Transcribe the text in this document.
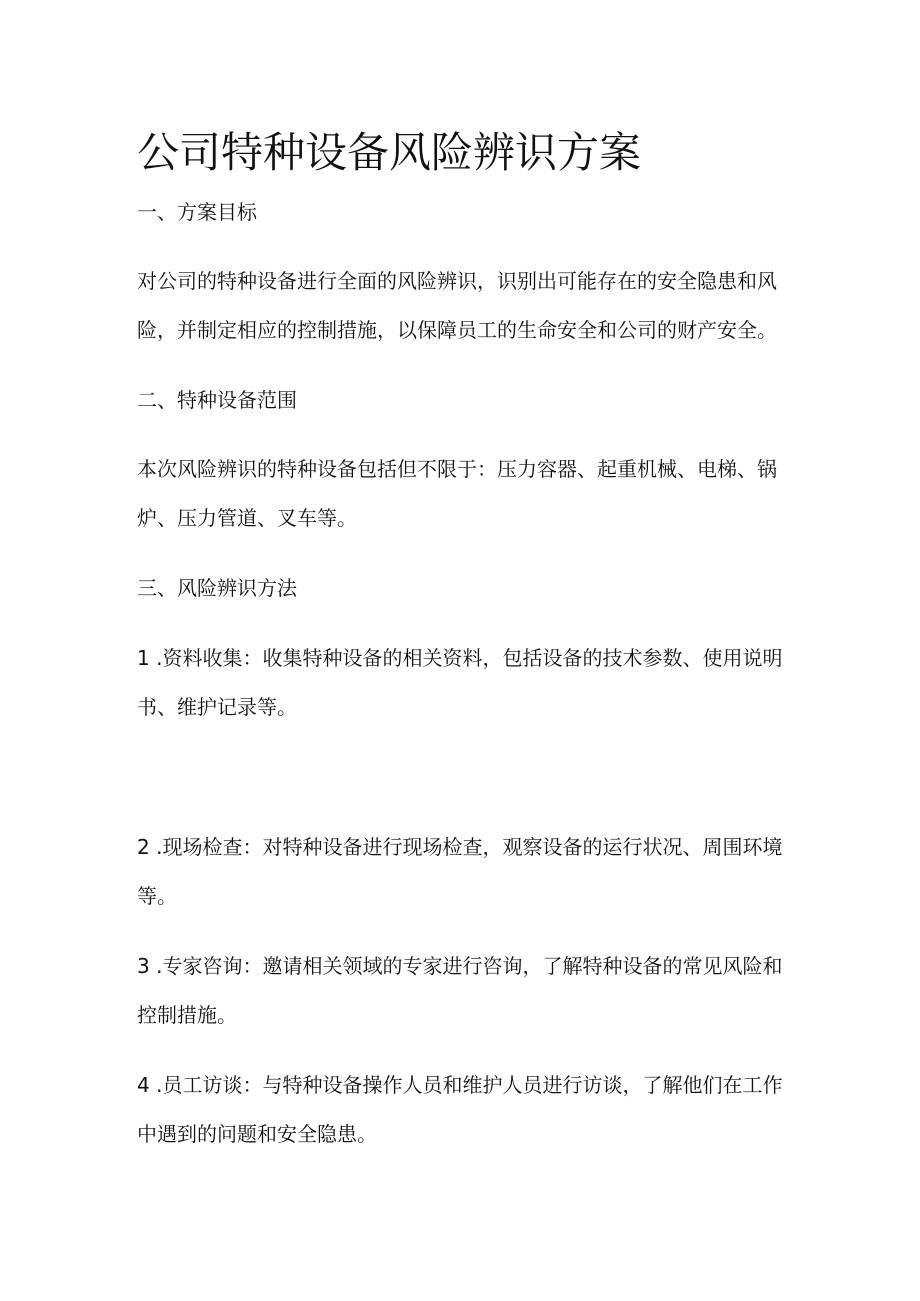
公司特种设备风险辨识方案
一、方案目标
对公司的特种设备进行全面的风险辨识，识别出可能存在的安全隐患和风
险，并制定相应的控制措施，以保障员工的生命安全和公司的财产安全。
二、特种设备范围
本次风险辨识的特种设备包括但不限于：压力容器、起重机械、电梯、锅
炉、压力管道、叉车等。
三、风险辨识方法
1 .资料收集：收集特种设备的相关资料，包括设备的技术参数、使用说明
书、维护记录等。
2 .现场检查：对特种设备进行现场检查，观察设备的运行状况、周围环境
等。
3 .专家咨询：邀请相关领域的专家进行咨询，了解特种设备的常见风险和
控制措施。
4 .员工访谈：与特种设备操作人员和维护人员进行访谈，了解他们在工作
中遇到的问题和安全隐患。
